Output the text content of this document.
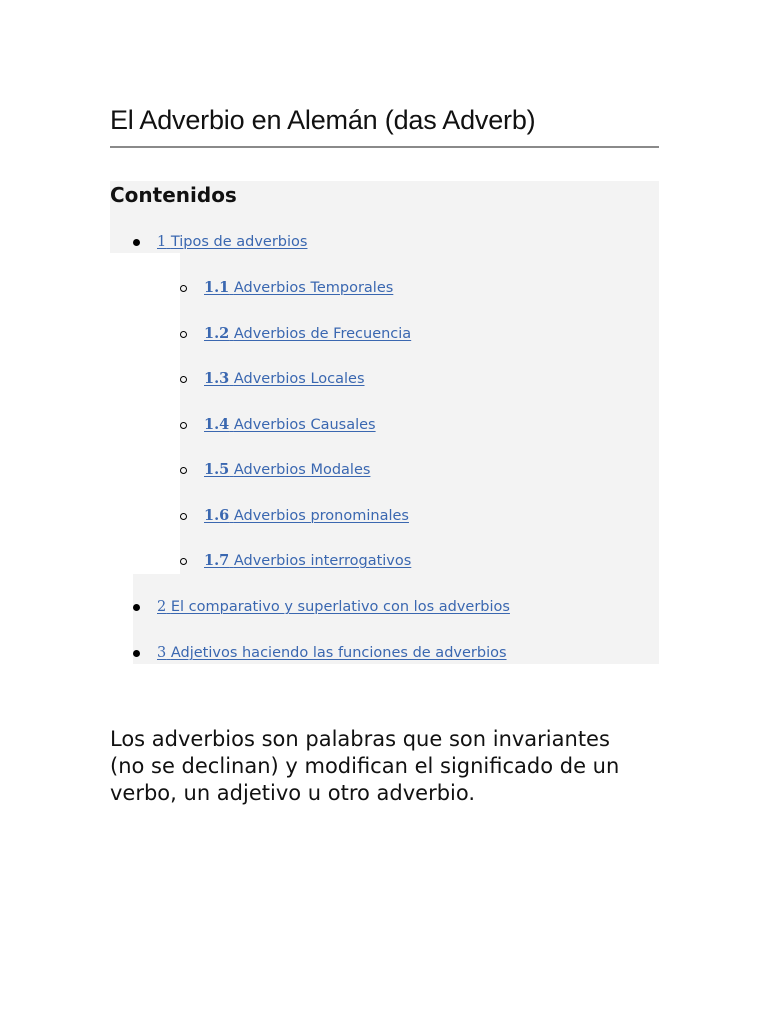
El Adverbio en Alemán (das Adverb)
Contenidos
1 Tipos de adverbios
1.1 Adverbios Temporales
1.2 Adverbios de Frecuencia
1.3 Adverbios Locales
1.4 Adverbios Causales
1.5 Adverbios Modales
1.6 Adverbios pronominales
1.7 Adverbios interrogativos
2 El comparativo y superlativo con los adverbios
3 Adjetivos haciendo las funciones de adverbios

Los adverbios son palabras que son invariantes (no se declinan) y modifican el significado de un verbo, un adjetivo u otro adverbio.
